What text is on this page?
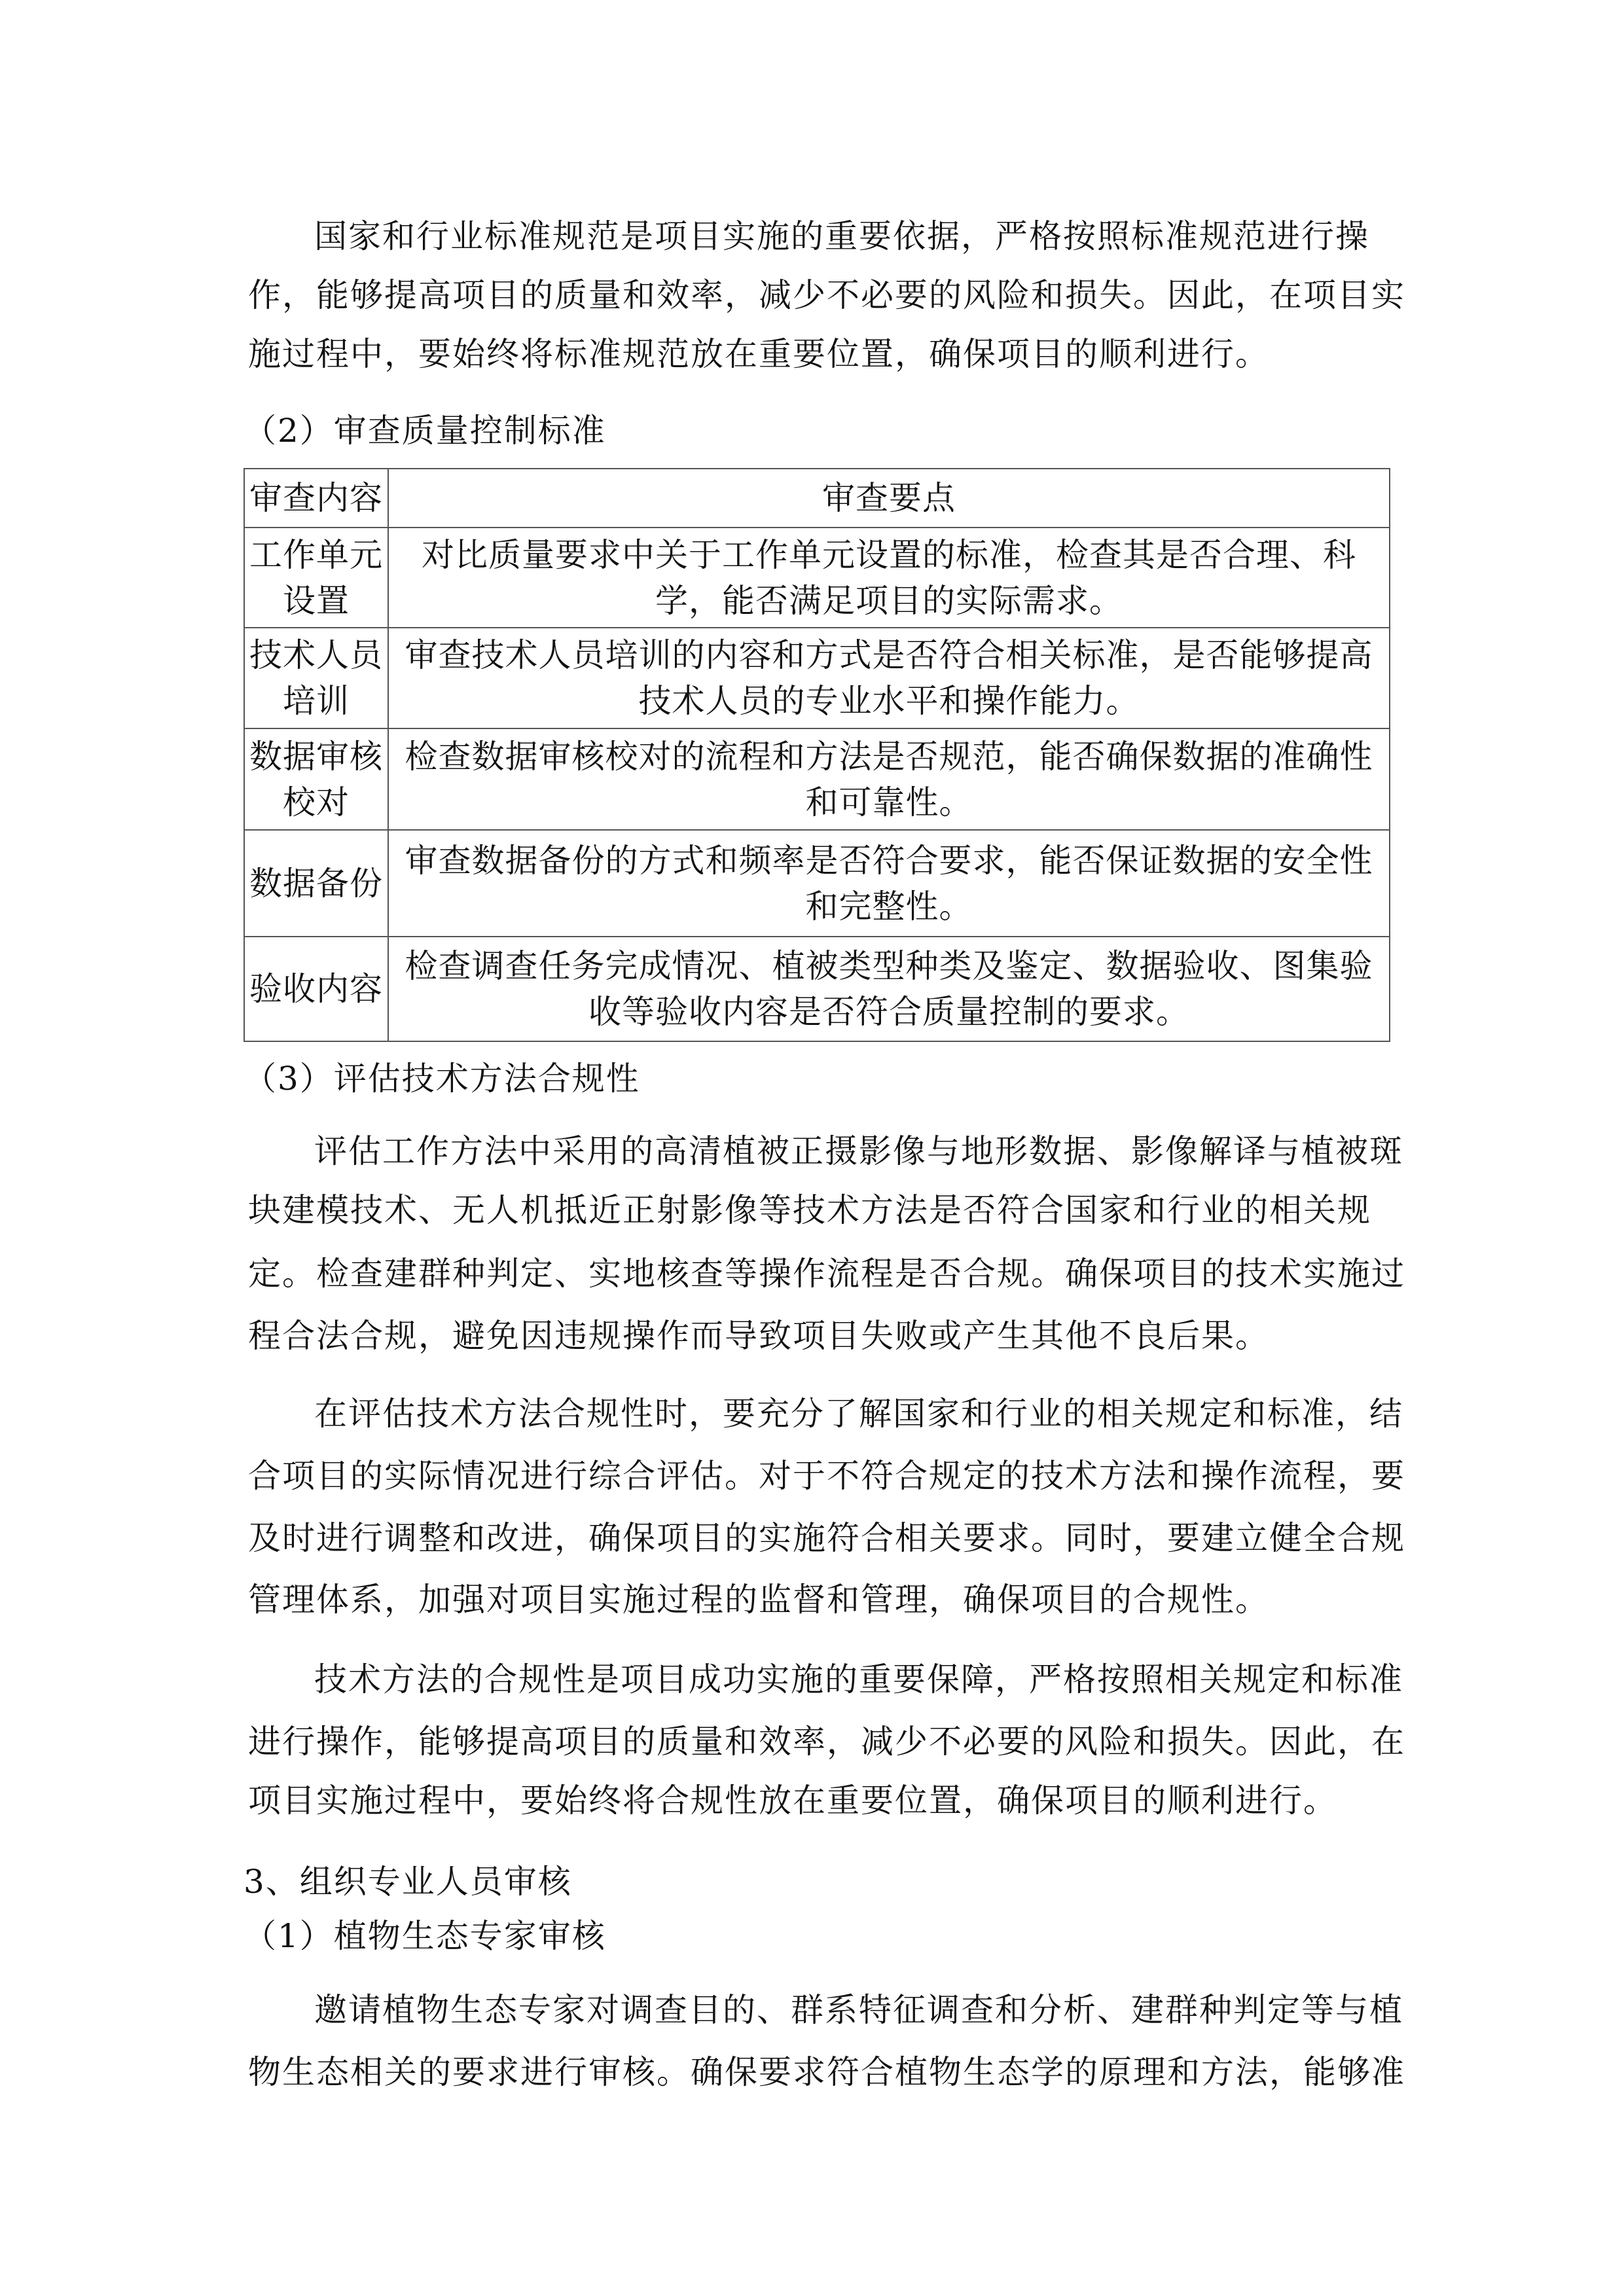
国家和行业标准规范是项目实施的重要依据，严格按照标准规范进行操
作，能够提高项目的质量和效率，减少不必要的风险和损失。因此，在项目实
施过程中，要始终将标准规范放在重要位置，确保项目的顺利进行。
（2）审查质量控制标准
审查内容	审查要点
工作单元设置	对比质量要求中关于工作单元设置的标准，检查其是否合理、科学，能否满足项目的实际需求。
技术人员培训	审查技术人员培训的内容和方式是否符合相关标准，是否能够提高技术人员的专业水平和操作能力。
数据审核校对	检查数据审核校对的流程和方法是否规范，能否确保数据的准确性和可靠性。
数据备份	审查数据备份的方式和频率是否符合要求，能否保证数据的安全性和完整性。
验收内容	检查调查任务完成情况、植被类型种类及鉴定、数据验收、图集验收等验收内容是否符合质量控制的要求。
（3）评估技术方法合规性
评估工作方法中采用的高清植被正摄影像与地形数据、影像解译与植被斑
块建模技术、无人机抵近正射影像等技术方法是否符合国家和行业的相关规
定。检查建群种判定、实地核查等操作流程是否合规。确保项目的技术实施过
程合法合规，避免因违规操作而导致项目失败或产生其他不良后果。
在评估技术方法合规性时，要充分了解国家和行业的相关规定和标准，结
合项目的实际情况进行综合评估。对于不符合规定的技术方法和操作流程，要
及时进行调整和改进，确保项目的实施符合相关要求。同时，要建立健全合规
管理体系，加强对项目实施过程的监督和管理，确保项目的合规性。
技术方法的合规性是项目成功实施的重要保障，严格按照相关规定和标准
进行操作，能够提高项目的质量和效率，减少不必要的风险和损失。因此，在
项目实施过程中，要始终将合规性放在重要位置，确保项目的顺利进行。
3、组织专业人员审核
（1）植物生态专家审核
邀请植物生态专家对调查目的、群系特征调查和分析、建群种判定等与植
物生态相关的要求进行审核。确保要求符合植物生态学的原理和方法，能够准
